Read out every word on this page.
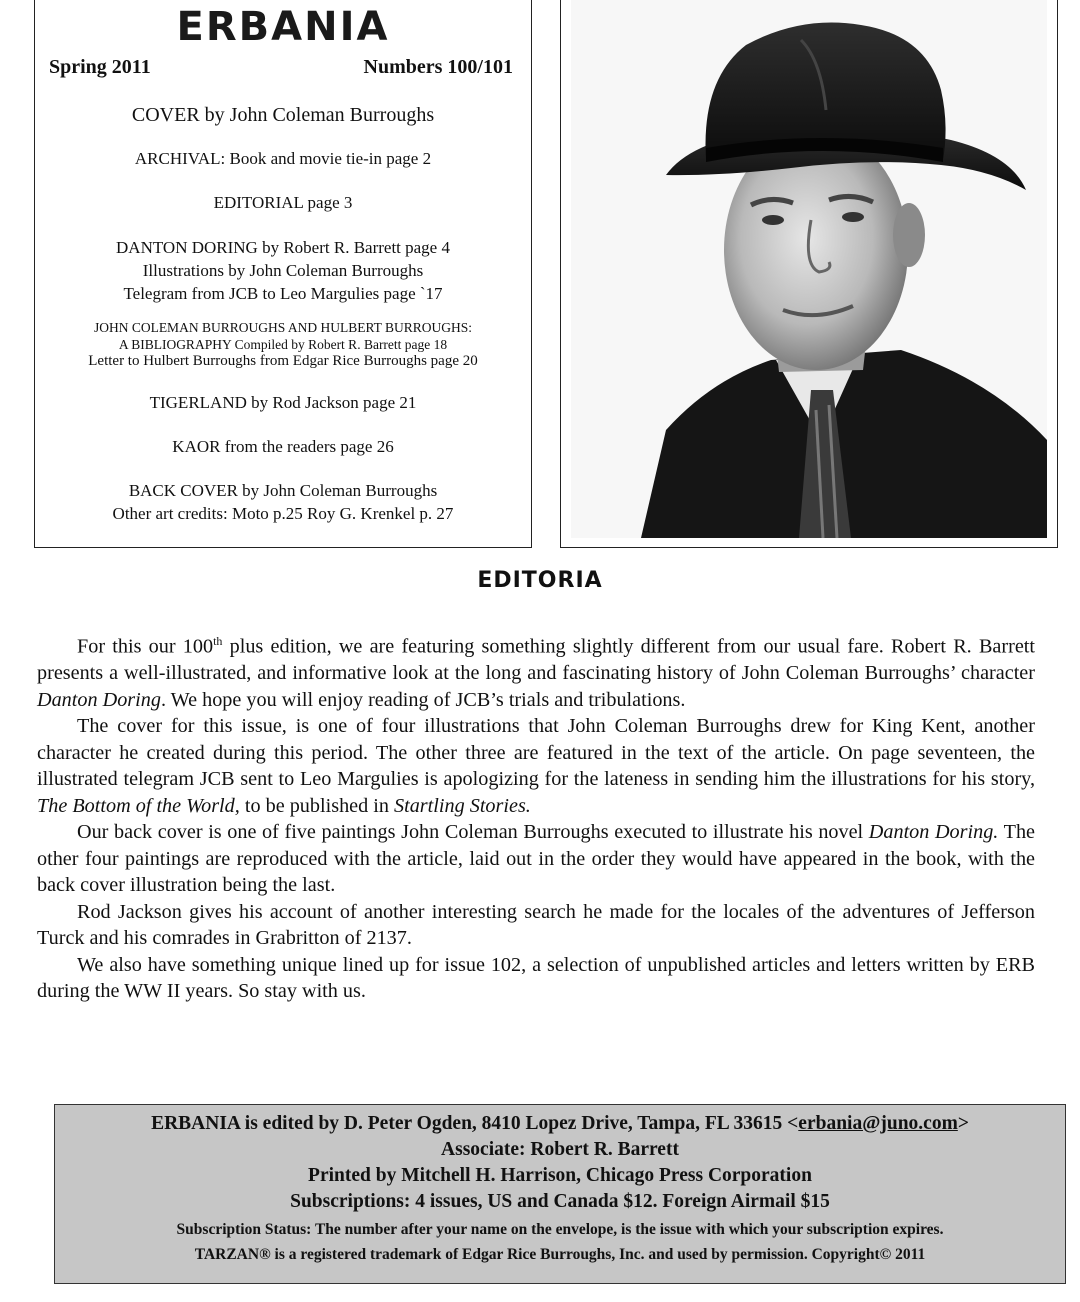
ERBANIA
Spring 2011	Numbers 100/101
COVER by John Coleman Burroughs
ARCHIVAL: Book and movie tie-in page 2
EDITORIAL page 3
DANTON DORING by Robert R. Barrett page 4
Illustrations by John Coleman Burroughs
Telegram from JCB to Leo Margulies page `17
JOHN COLEMAN BURROUGHS AND HULBERT BURROUGHS:
A BIBLIOGRAPHY Compiled by Robert R. Barrett page 18
Letter to Hulbert Burroughs from Edgar Rice Burroughs page 20
TIGERLAND by Rod Jackson page 21
KAOR from the readers page 26
BACK COVER by John Coleman Burroughs
Other art credits: Moto p.25 Roy G. Krenkel p. 27
EDITORIA

For this our 100th plus edition, we are featuring something slightly different from our usual fare. Robert R. Barrett presents a well-illustrated, and informative look at the long and fascinating history of John Coleman Burroughs’ character Danton Doring. We hope you will enjoy reading of JCB’s trials and tribulations.

The cover for this issue, is one of four illustrations that John Coleman Burroughs drew for King Kent, another character he created during this period. The other three are featured in the text of the article. On page seventeen, the illustrated telegram JCB sent to Leo Margulies is apologizing for the lateness in sending him the illustrations for his story, The Bottom of the World, to be published in Startling Stories.

Our back cover is one of five paintings John Coleman Burroughs executed to illustrate his novel Danton Doring. The other four paintings are reproduced with the article, laid out in the order they would have appeared in the book, with the back cover illustration being the last.

Rod Jackson gives his account of another interesting search he made for the locales of the adventures of Jefferson Turck and his comrades in Grabritton of 2137.

We also have something unique lined up for issue 102, a selection of unpublished articles and letters written by ERB during the WW II years. So stay with us.

ERBANIA is edited by D. Peter Ogden, 8410 Lopez Drive, Tampa, FL 33615 <erbania@juno.com>
Associate: Robert R. Barrett
Printed by Mitchell H. Harrison, Chicago Press Corporation
Subscriptions: 4 issues, US and Canada $12. Foreign Airmail $15
Subscription Status: The number after your name on the envelope, is the issue with which your subscription expires.
TARZAN® is a registered trademark of Edgar Rice Burroughs, Inc. and used by permission. Copyright© 2011
